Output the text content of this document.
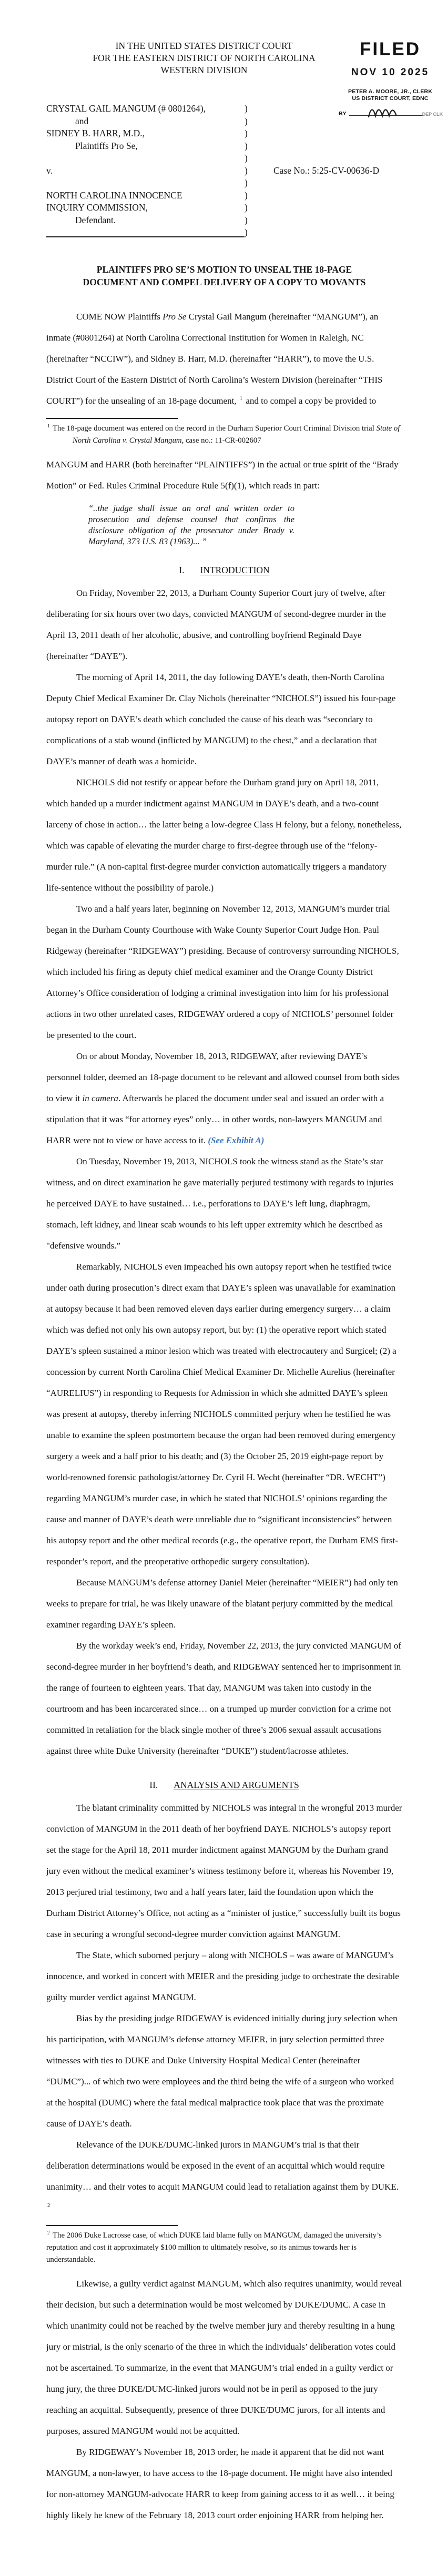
IN THE UNITED STATES DISTRICT COURT
FOR THE EASTERN DISTRICT OF NORTH CAROLINA
WESTERN DIVISION
FILED
NOV 10 2025
PETER A. MOORE, JR., CLERK
US DISTRICT COURT, EDNC
BY	DEP CLK
CRYSTAL GAIL MANGUM (# 0801264),	)
and	)
SIDNEY B. HARR, M.D.,	)
Plaintiffs Pro Se,	)
)
v.	)	Case No.: 5:25-CV-00636-D
)
NORTH CAROLINA INNOCENCE	)
INQUIRY COMMISSION,	)
Defendant.	)
)
PLAINTIFFS PRO SE’S MOTION TO UNSEAL THE 18-PAGE
DOCUMENT AND COMPEL DELIVERY OF A COPY TO MOVANTS

COME NOW Plaintiffs Pro Se Crystal Gail Mangum (hereinafter “MANGUM”), an inmate (#0801264) at North Carolina Correctional Institution for Women in Raleigh, NC (hereinafter “NCCIW”), and Sidney B. Harr, M.D. (hereinafter “HARR”), to move the U.S. District Court of the Eastern District of North Carolina’s Western Division (hereinafter “THIS COURT”) for the unsealing of an 18-page document, $^1$ and to compel a copy be provided to

$^1$ The 18-page document was entered on the record in the Durham Superior Court Criminal Division trial State of North Carolina v. Crystal Mangum, case no.: 11-CR-002607

MANGUM and HARR (both hereinafter “PLAINTIFFS”) in the actual or true spirit of the “Brady Motion” or Fed. Rules Criminal Procedure Rule 5(f)(1), which reads in part:

“..the judge shall issue an oral and written order to prosecution and defense counsel that confirms the disclosure obligation of the prosecutor under Brady v. Maryland, 373 U.S. 83 (1963)... ”
I. INTRODUCTION

On Friday, November 22, 2013, a Durham County Superior Court jury of twelve, after deliberating for six hours over two days, convicted MANGUM of second-degree murder in the April 13, 2011 death of her alcoholic, abusive, and controlling boyfriend Reginald Daye (hereinafter “DAYE”).

The morning of April 14, 2011, the day following DAYE’s death, then-North Carolina Deputy Chief Medical Examiner Dr. Clay Nichols (hereinafter “NICHOLS”) issued his four-page autopsy report on DAYE’s death which concluded the cause of his death was “secondary to complications of a stab wound (inflicted by MANGUM) to the chest,” and a declaration that DAYE’s manner of death was a homicide.

NICHOLS did not testify or appear before the Durham grand jury on April 18, 2011, which handed up a murder indictment against MANGUM in DAYE’s death, and a two-count larceny of chose in action… the latter being a low-degree Class H felony, but a felony, nonetheless, which was capable of elevating the murder charge to first-degree through use of the “felony-murder rule.” (A non-capital first-degree murder conviction automatically triggers a mandatory life-sentence without the possibility of parole.)

Two and a half years later, beginning on November 12, 2013, MANGUM’s murder trial began in the Durham County Courthouse with Wake County Superior Court Judge Hon. Paul Ridgeway (hereinafter “RIDGEWAY”) presiding. Because of controversy surrounding NICHOLS, which included his firing as deputy chief medical examiner and the Orange County District Attorney’s Office consideration of lodging a criminal investigation into him for his professional actions in two other unrelated cases, RIDGEWAY ordered a copy of NICHOLS’ personnel folder be presented to the court.

On or about Monday, November 18, 2013, RIDGEWAY, after reviewing DAYE’s personnel folder, deemed an 18-page document to be relevant and allowed counsel from both sides to view it in camera. Afterwards he placed the document under seal and issued an order with a stipulation that it was “for attorney eyes” only… in other words, non-lawyers MANGUM and HARR were not to view or have access to it. (See Exhibit A)

On Tuesday, November 19, 2013, NICHOLS took the witness stand as the State’s star witness, and on direct examination he gave materially perjured testimony with regards to injuries he perceived DAYE to have sustained… i.e., perforations to DAYE’s left lung, diaphragm, stomach, left kidney, and linear scab wounds to his left upper extremity which he described as "defensive wounds.”

Remarkably, NICHOLS even impeached his own autopsy report when he testified twice under oath during prosecution’s direct exam that DAYE’s spleen was unavailable for examination at autopsy because it had been removed eleven days earlier during emergency surgery… a claim which was defied not only his own autopsy report, but by: (1) the operative report which stated DAYE’s spleen sustained a minor lesion which was treated with electrocautery and Surgicel; (2) a concession by current North Carolina Chief Medical Examiner Dr. Michelle Aurelius (hereinafter “AURELIUS”) in responding to Requests for Admission in which she admitted DAYE’s spleen was present at autopsy, thereby inferring NICHOLS committed perjury when he testified he was unable to examine the spleen postmortem because the organ had been removed during emergency surgery a week and a half prior to his death; and (3) the October 25, 2019 eight-page report by world-renowned forensic pathologist/attorney Dr. Cyril H. Wecht (hereinafter “DR. WECHT”) regarding MANGUM’s murder case, in which he stated that NICHOLS’ opinions regarding the cause and manner of DAYE’s death were unreliable due to “significant inconsistencies” between his autopsy report and the other medical records (e.g., the operative report, the Durham EMS first-responder’s report, and the preoperative orthopedic surgery consultation).

Because MANGUM’s defense attorney Daniel Meier (hereinafter “MEIER”) had only ten weeks to prepare for trial, he was likely unaware of the blatant perjury committed by the medical examiner regarding DAYE’s spleen.

By the workday week’s end, Friday, November 22, 2013, the jury convicted MANGUM of second-degree murder in her boyfriend’s death, and RIDGEWAY sentenced her to imprisonment in the range of fourteen to eighteen years. That day, MANGUM was taken into custody in the courtroom and has been incarcerated since… on a trumped up murder conviction for a crime not committed in retaliation for the black single mother of three’s 2006 sexual assault accusations against three white Duke University (hereinafter “DUKE”) student/lacrosse athletes.

II. ANALYSIS AND ARGUMENTS

The blatant criminality committed by NICHOLS was integral in the wrongful 2013 murder conviction of MANGUM in the 2011 death of her boyfriend DAYE. NICHOLS’s autopsy report set the stage for the April 18, 2011 murder indictment against MANGUM by the Durham grand jury even without the medical examiner’s witness testimony before it, whereas his November 19, 2013 perjured trial testimony, two and a half years later, laid the foundation upon which the Durham District Attorney’s Office, not acting as a “minister of justice,” successfully built its bogus case in securing a wrongful second-degree murder conviction against MANGUM.

The State, which suborned perjury – along with NICHOLS – was aware of MANGUM’s innocence, and worked in concert with MEIER and the presiding judge to orchestrate the desirable guilty murder verdict against MANGUM.

Bias by the presiding judge RIDGEWAY is evidenced initially during jury selection when his participation, with MANGUM’s defense attorney MEIER, in jury selection permitted three witnesses with ties to DUKE and Duke University Hospital Medical Center (hereinafter “DUMC”)... of which two were employees and the third being the wife of a surgeon who worked at the hospital (DUMC) where the fatal medical malpractice took place that was the proximate cause of DAYE’s death.

Relevance of the DUKE/DUMC-linked jurors in MANGUM’s trial is that their deliberation determinations would be exposed in the event of an acquittal which would require unanimity… and their votes to acquit MANGUM could lead to retaliation against them by DUKE. $^2$

$^2$ The 2006 Duke Lacrosse case, of which DUKE laid blame fully on MANGUM, damaged the university’s reputation and cost it approximately $100 million to ultimately resolve, so its animus towards her is understandable.

Likewise, a guilty verdict against MANGUM, which also requires unanimity, would reveal their decision, but such a determination would be most welcomed by DUKE/DUMC. A case in which unanimity could not be reached by the twelve member jury and thereby resulting in a hung jury or mistrial, is the only scenario of the three in which the individuals’ deliberation votes could not be ascertained. To summarize, in the event that MANGUM’s trial ended in a guilty verdict or hung jury, the three DUKE/DUMC-linked jurors would not be in peril as opposed to the jury reaching an acquittal. Subsequently, presence of three DUKE/DUMC jurors, for all intents and purposes, assured MANGUM would not be acquitted.

By RIDGEWAY’s November 18, 2013 order, he made it apparent that he did not want MANGUM, a non-lawyer, to have access to the 18-page document. He might have also intended for non-attorney MANGUM-advocate HARR to keep from gaining access to it as well… it being highly likely he knew of the February 18, 2013 court order enjoining HARR from helping her.
